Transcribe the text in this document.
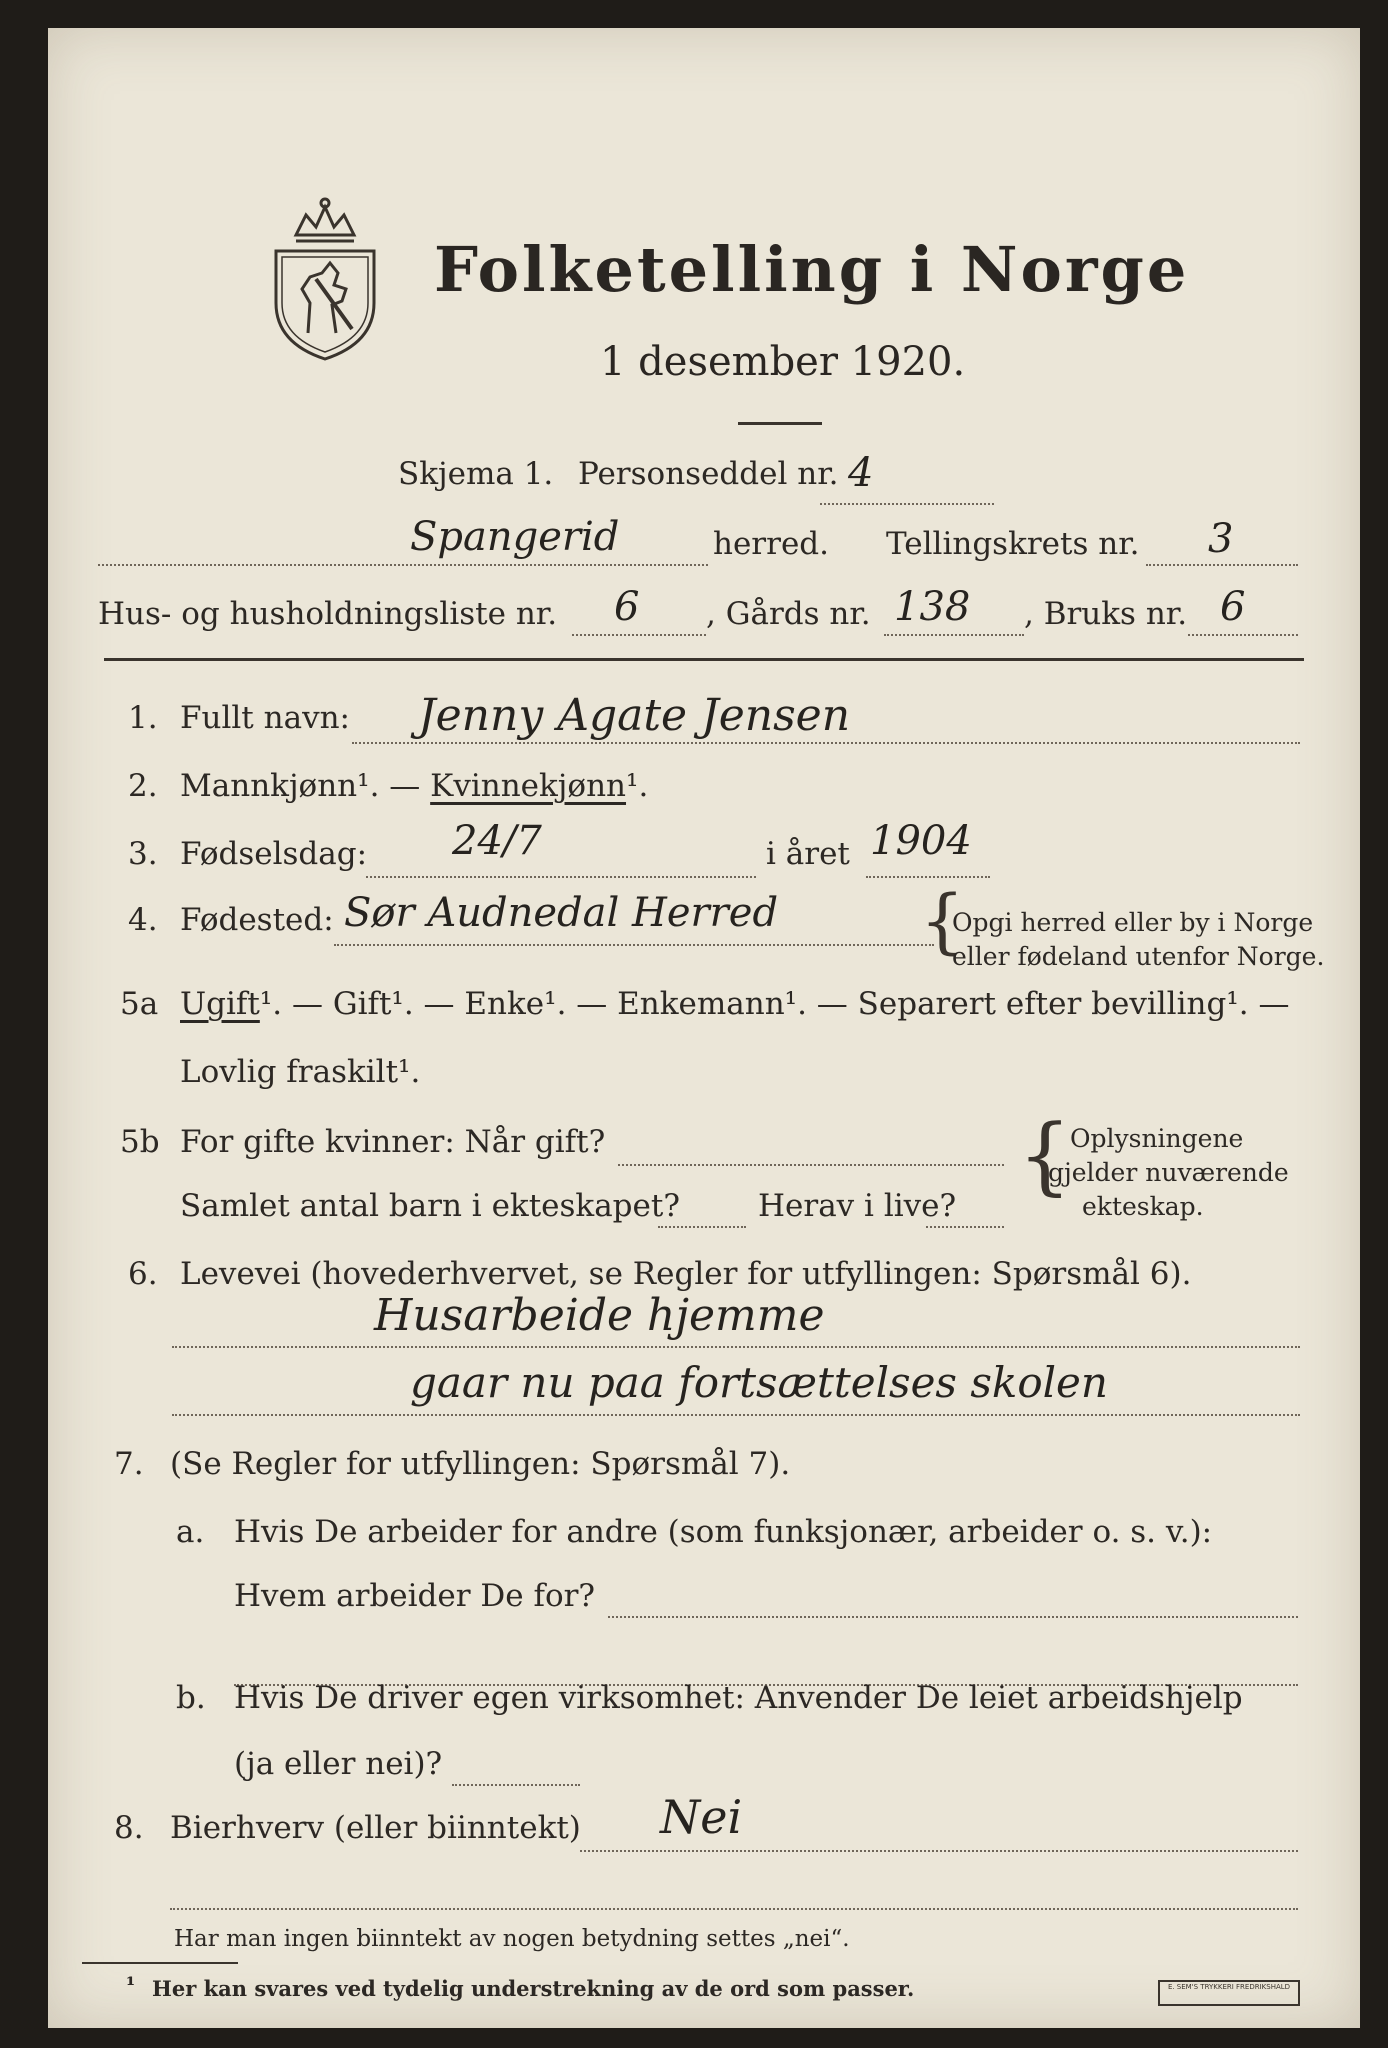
Folketelling i Norge
1 desember 1920.
Skjema 1. Personseddel nr. 4
Spangerid	herred. Tellingskrets nr. 3
Hus- og husholdningsliste nr. 6 , Gårds nr. 138 , Bruks nr. 6
1. Fullt navn: Jenny Agate Jensen
2. Mannkjønn¹. — Kvinnekjønn¹.
3. Fødselsdag: 24/7	i året 1904
4. Fødested: Sør Audnedal Herred {
Opgi herred eller by i Norge
eller fødeland utenfor Norge.
5a Ugift¹. — Gift¹. — Enke¹. — Enkemann¹. — Separert efter bevilling¹. —
Lovlig fraskilt¹.
5b For gifte kvinner: Når gift?
Samlet antal barn i ekteskapet?	Herav i live?
{
Oplysningene
gjelder nuværende
ekteskap.
6. Levevei (hovederhvervet, se Regler for utfyllingen: Spørsmål 6).
Husarbeide hjemme
gaar nu paa fortsættelses skolen
7. (Se Regler for utfyllingen: Spørsmål 7).
a. Hvis De arbeider for andre (som funksjonær, arbeider o. s. v.):
Hvem arbeider De for?
b. Hvis De driver egen virksomhet: Anvender De leiet arbeidshjelp
(ja eller nei)?
8. Bierhverv (eller biinntekt) Nei
Har man ingen biinntekt av nogen betydning settes „nei“.
¹ Her kan svares ved tydelig understrekning av de ord som passer.	E. SEM'S TRYKKERI FREDRIKSHALD
